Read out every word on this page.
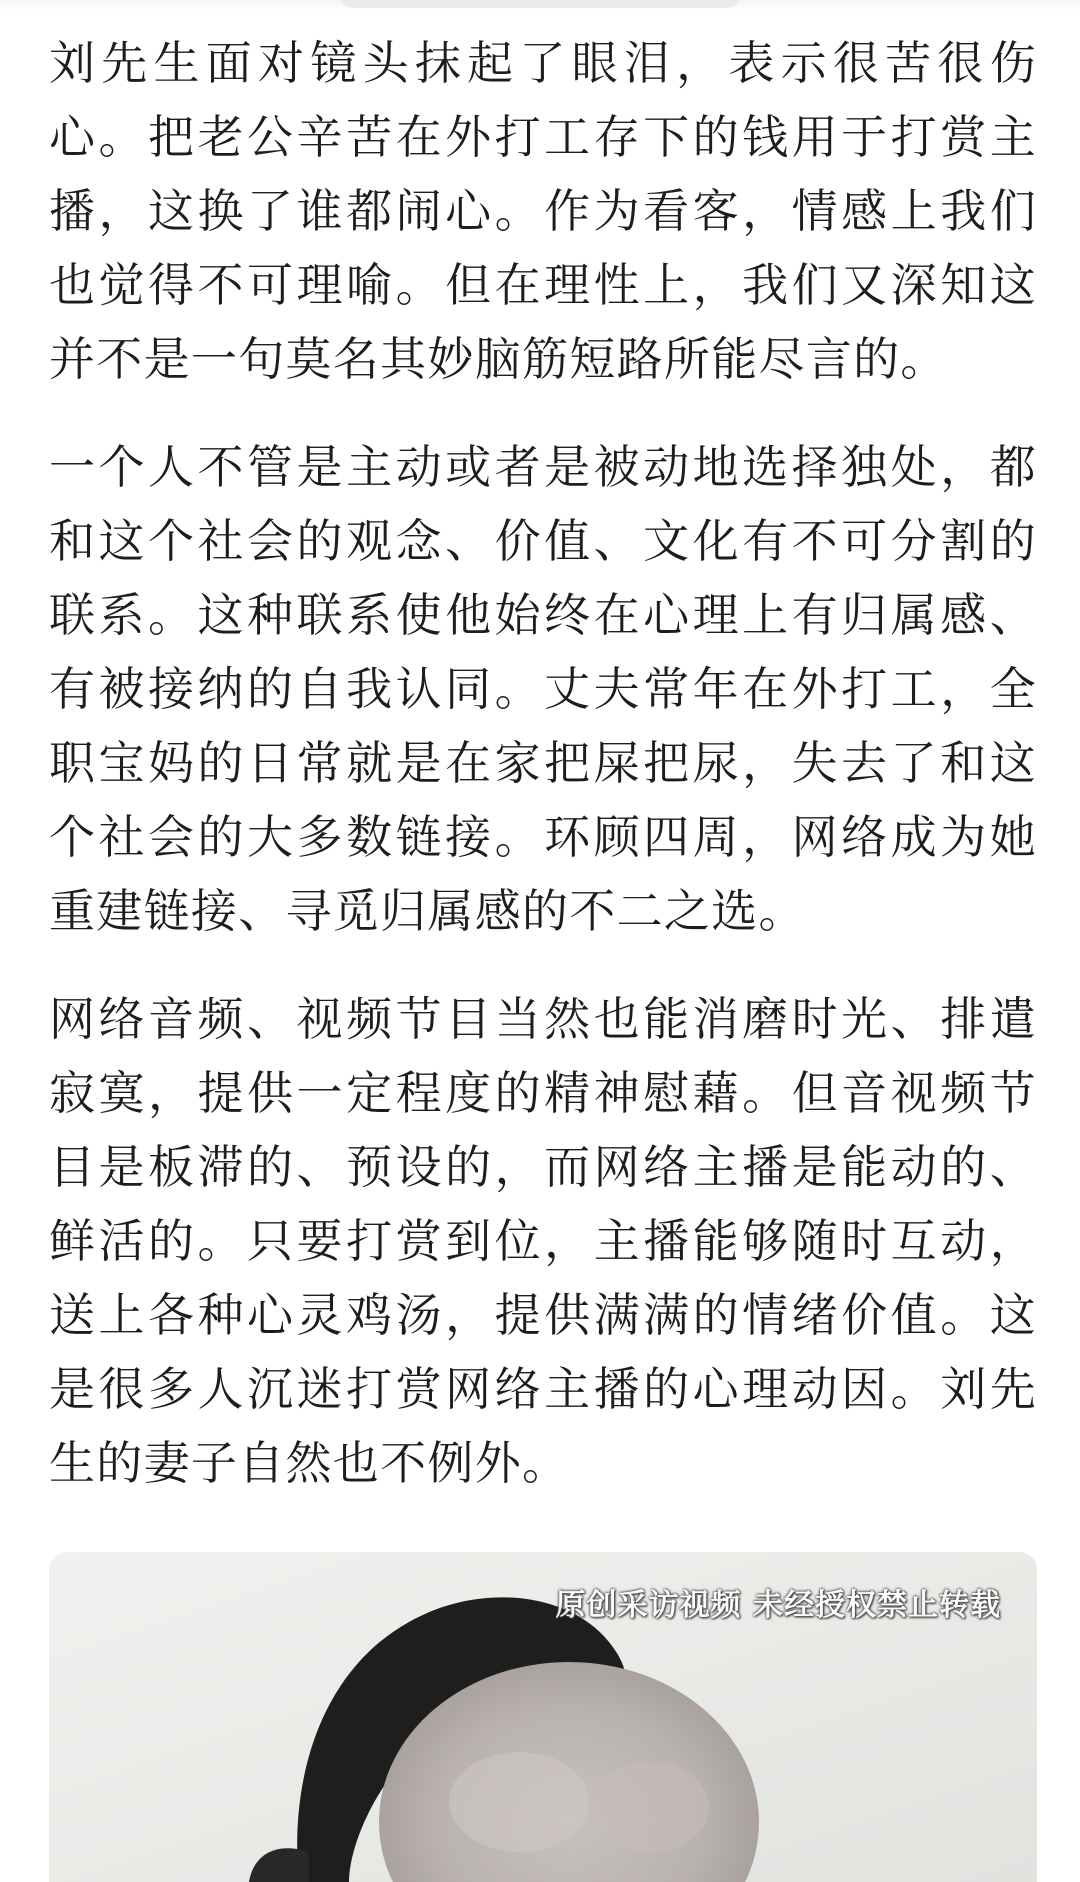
刘先生面对镜头抹起了眼泪，表示很苦很伤心。把老公辛苦在外打工存下的钱用于打赏主播，这换了谁都闹心。作为看客，情感上我们也觉得不可理喻。但在理性上，我们又深知这并不是一句莫名其妙脑筋短路所能尽言的。

一个人不管是主动或者是被动地选择独处，都和这个社会的观念、价值、文化有不可分割的联系。这种联系使他始终在心理上有归属感、有被接纳的自我认同。丈夫常年在外打工，全职宝妈的日常就是在家把屎把尿，失去了和这个社会的大多数链接。环顾四周，网络成为她重建链接、寻觅归属感的不二之选。

网络音频、视频节目当然也能消磨时光、排遣寂寞，提供一定程度的精神慰藉。但音视频节目是板滞的、预设的，而网络主播是能动的、鲜活的。只要打赏到位，主播能够随时互动，送上各种心灵鸡汤，提供满满的情绪价值。这是很多人沉迷打赏网络主播的心理动因。刘先生的妻子自然也不例外。

原创采访视频 未经授权禁止转载
